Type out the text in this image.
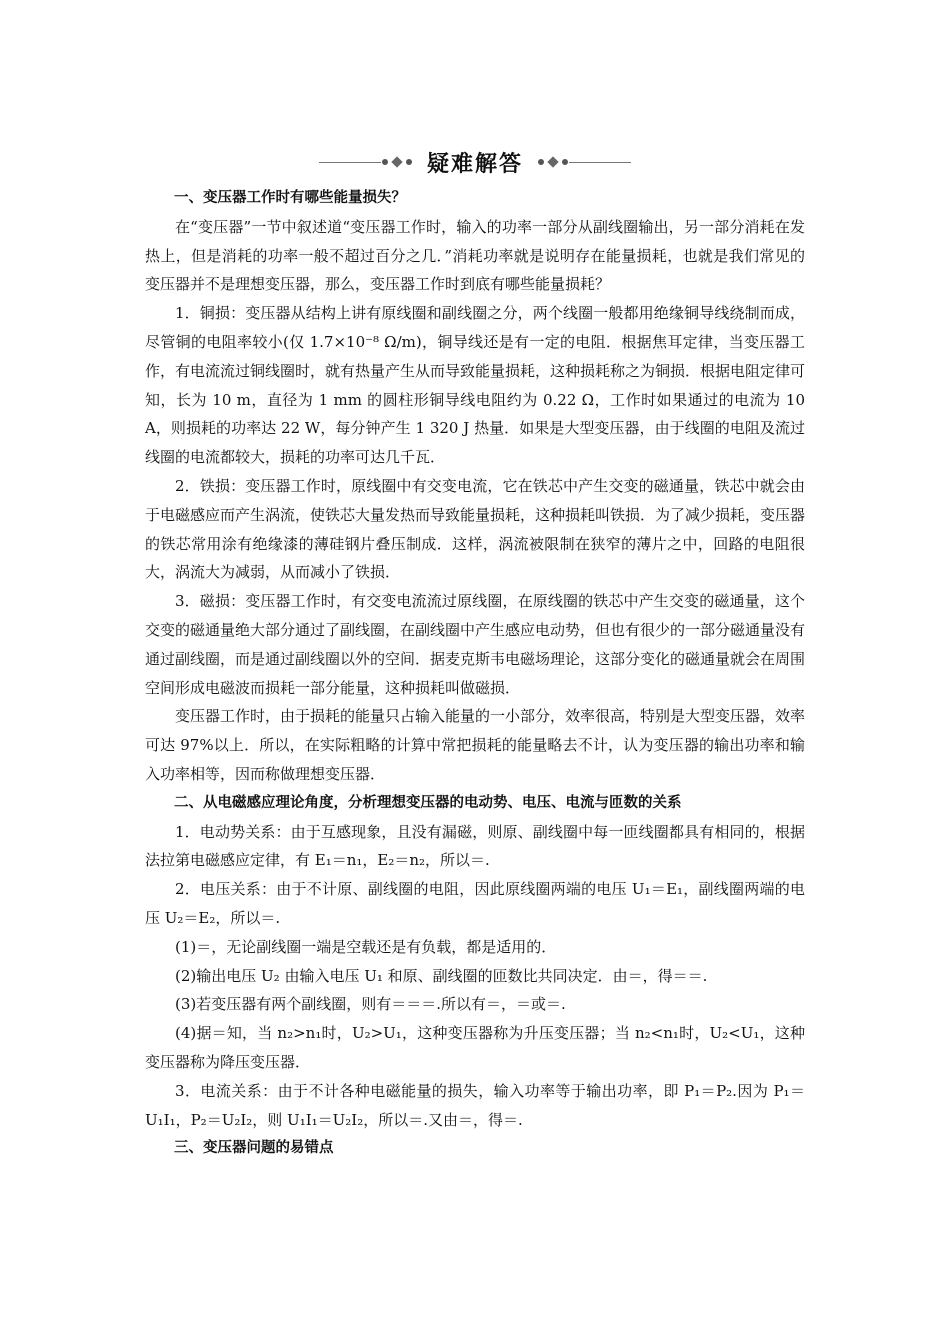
疑难解答

一、变压器工作时有哪些能量损失？

在“变压器”一节中叙述道“变压器工作时，输入的功率一部分从副线圈输出，另一部分消耗在发热上，但是消耗的功率一般不超过百分之几．”消耗功率就是说明存在能量损耗，也就是我们常见的变压器并不是理想变压器，那么，变压器工作时到底有哪些能量损耗？

1．铜损：变压器从结构上讲有原线圈和副线圈之分，两个线圈一般都用绝缘铜导线绕制而成，尽管铜的电阻率较小(仅 1.7×10⁻⁸ Ω/m)，铜导线还是有一定的电阻．根据焦耳定律，当变压器工作，有电流流过铜线圈时，就有热量产生从而导致能量损耗，这种损耗称之为铜损．根据电阻定律可知，长为 10 m，直径为 1 mm 的圆柱形铜导线电阻约为 0.22 Ω，工作时如果通过的电流为 10 A，则损耗的功率达 22 W，每分钟产生 1 320 J 热量．如果是大型变压器，由于线圈的电阻及流过线圈的电流都较大，损耗的功率可达几千瓦．

2．铁损：变压器工作时，原线圈中有交变电流，它在铁芯中产生交变的磁通量，铁芯中就会由于电磁感应而产生涡流，使铁芯大量发热而导致能量损耗，这种损耗叫铁损．为了减少损耗，变压器的铁芯常用涂有绝缘漆的薄硅钢片叠压制成．这样，涡流被限制在狭窄的薄片之中，回路的电阻很大，涡流大为减弱，从而减小了铁损．

3．磁损：变压器工作时，有交变电流流过原线圈，在原线圈的铁芯中产生交变的磁通量，这个交变的磁通量绝大部分通过了副线圈，在副线圈中产生感应电动势，但也有很少的一部分磁通量没有通过副线圈，而是通过副线圈以外的空间．据麦克斯韦电磁场理论，这部分变化的磁通量就会在周围空间形成电磁波而损耗一部分能量，这种损耗叫做磁损．

变压器工作时，由于损耗的能量只占输入能量的一小部分，效率很高，特别是大型变压器，效率可达 97%以上．所以，在实际粗略的计算中常把损耗的能量略去不计，认为变压器的输出功率和输入功率相等，因而称做理想变压器．

二、从电磁感应理论角度，分析理想变压器的电动势、电压、电流与匝数的关系

1．电动势关系：由于互感现象，且没有漏磁，则原、副线圈中每一匝线圈都具有相同的，根据法拉第电磁感应定律，有 E₁＝n₁，E₂＝n₂，所以＝.

2．电压关系：由于不计原、副线圈的电阻，因此原线圈两端的电压 U₁＝E₁，副线圈两端的电压 U₂＝E₂，所以＝.

(1)＝，无论副线圈一端是空载还是有负载，都是适用的．

(2)输出电压 U₂ 由输入电压 U₁ 和原、副线圈的匝数比共同决定．由＝，得＝＝.

(3)若变压器有两个副线圈，则有＝＝＝.所以有＝，＝或＝.

(4)据＝知，当 n₂>n₁时，U₂>U₁，这种变压器称为升压变压器；当 n₂<n₁时，U₂<U₁，这种变压器称为降压变压器．

3．电流关系：由于不计各种电磁能量的损失，输入功率等于输出功率，即 P₁＝P₂.因为 P₁＝U₁I₁，P₂＝U₂I₂，则 U₁I₁＝U₂I₂，所以＝.又由＝，得＝.

三、变压器问题的易错点
